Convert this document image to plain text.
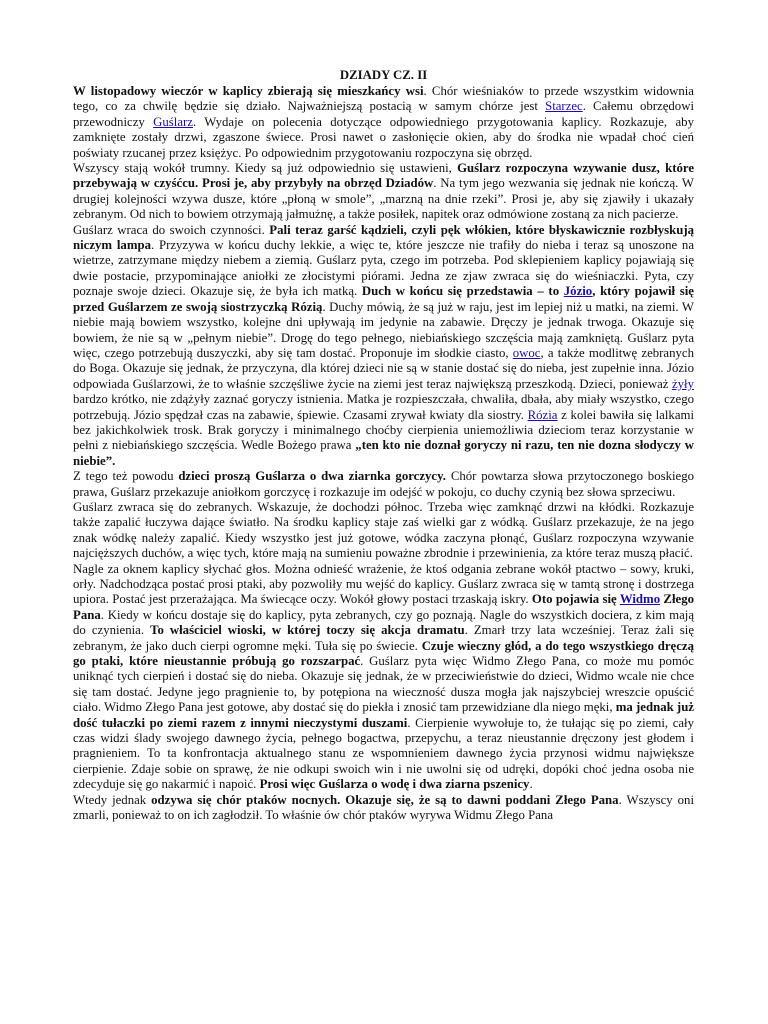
DZIADY CZ. II

W listopadowy wieczór w kaplicy zbierają się mieszkańcy wsi. Chór wieśniaków to przede wszystkim widownia tego, co za chwilę będzie się działo. Najważniejszą postacią w samym chórze jest Starzec. Całemu obrzędowi przewodniczy Guślarz. Wydaje on polecenia dotyczące odpowiedniego przygotowania kaplicy. Rozkazuje, aby zamknięte zostały drzwi, zgaszone świece. Prosi nawet o zasłonięcie okien, aby do środka nie wpadał choć cień poświaty rzucanej przez księżyc. Po odpowiednim przygotowaniu rozpoczyna się obrzęd.

Wszyscy stają wokół trumny. Kiedy są już odpowiednio się ustawieni, Guślarz rozpoczyna wzywanie dusz, które przebywają w czyśćcu. Prosi je, aby przybyły na obrzęd Dziadów. Na tym jego wezwania się jednak nie kończą. W drugiej kolejności wzywa dusze, które „płoną w smole”, „marzną na dnie rzeki”. Prosi je, aby się zjawiły i ukazały zebranym. Od nich to bowiem otrzymają jałmużnę, a także posiłek, napitek oraz odmówione zostaną za nich pacierze.

Guślarz wraca do swoich czynności. Pali teraz garść kądzieli, czyli pęk włókien, które błyskawicznie rozbłyskują niczym lampa. Przyzywa w końcu duchy lekkie, a więc te, które jeszcze nie trafiły do nieba i teraz są unoszone na wietrze, zatrzymane między niebem a ziemią. Guślarz pyta, czego im potrzeba. Pod sklepieniem kaplicy pojawiają się dwie postacie, przypominające aniołki ze złocistymi piórami. Jedna ze zjaw zwraca się do wieśniaczki. Pyta, czy poznaje swoje dzieci. Okazuje się, że była ich matką. Duch w końcu się przedstawia – to Józio, który pojawił się przed Guślarzem ze swoją siostrzyczką Rózią. Duchy mówią, że są już w raju, jest im lepiej niż u matki, na ziemi. W niebie mają bowiem wszystko, kolejne dni upływają im jedynie na zabawie. Dręczy je jednak trwoga. Okazuje się bowiem, że nie są w „pełnym niebie”. Drogę do tego pełnego, niebiańskiego szczęścia mają zamkniętą. Guślarz pyta więc, czego potrzebują duszyczki, aby się tam dostać. Proponuje im słodkie ciasto, owoc, a także modlitwę zebranych do Boga. Okazuje się jednak, że przyczyna, dla której dzieci nie są w stanie dostać się do nieba, jest zupełnie inna. Józio odpowiada Guślarzowi, że to właśnie szczęśliwe życie na ziemi jest teraz największą przeszkodą. Dzieci, ponieważ żyły bardzo krótko, nie zdążyły zaznać goryczy istnienia. Matka je rozpieszczała, chwaliła, dbała, aby miały wszystko, czego potrzebują. Józio spędzał czas na zabawie, śpiewie. Czasami zrywał kwiaty dla siostry. Rózia z kolei bawiła się lalkami bez jakichkolwiek trosk. Brak goryczy i minimalnego choćby cierpienia uniemożliwia dzieciom teraz korzystanie w pełni z niebiańskiego szczęścia. Wedle Bożego prawa „ten kto nie doznał goryczy ni razu, ten nie dozna słodyczy w niebie”.

Z tego też powodu dzieci proszą Guślarza o dwa ziarnka gorczycy. Chór powtarza słowa przytoczonego boskiego prawa, Guślarz przekazuje aniołkom gorczycę i rozkazuje im odejść w pokoju, co duchy czynią bez słowa sprzeciwu.

Guślarz zwraca się do zebranych. Wskazuje, że dochodzi północ. Trzeba więc zamknąć drzwi na kłódki. Rozkazuje także zapalić łuczywa dające światło. Na środku kaplicy staje zaś wielki gar z wódką. Guślarz przekazuje, że na jego znak wódkę należy zapalić. Kiedy wszystko jest już gotowe, wódka zaczyna płonąć, Guślarz rozpoczyna wzywanie najcięższych duchów, a więc tych, które mają na sumieniu poważne zbrodnie i przewinienia, za które teraz muszą płacić.

Nagle za oknem kaplicy słychać głos. Można odnieść wrażenie, że ktoś odgania zebrane wokół ptactwo – sowy, kruki, orły. Nadchodząca postać prosi ptaki, aby pozwoliły mu wejść do kaplicy. Guślarz zwraca się w tamtą stronę i dostrzega upiora. Postać jest przerażająca. Ma świecące oczy. Wokół głowy postaci trzaskają iskry. Oto pojawia się Widmo Złego Pana. Kiedy w końcu dostaje się do kaplicy, pyta zebranych, czy go poznają. Nagle do wszystkich dociera, z kim mają do czynienia. To właściciel wioski, w której toczy się akcja dramatu. Zmarł trzy lata wcześniej. Teraz żali się zebranym, że jako duch cierpi ogromne męki. Tuła się po świecie. Czuje wieczny głód, a do tego wszystkiego dręczą go ptaki, które nieustannie próbują go rozszarpać. Guślarz pyta więc Widmo Złego Pana, co może mu pomóc uniknąć tych cierpień i dostać się do nieba. Okazuje się jednak, że w przeciwieństwie do dzieci, Widmo wcale nie chce się tam dostać. Jedyne jego pragnienie to, by potępiona na wieczność dusza mogła jak najszybciej wreszcie opuścić ciało. Widmo Złego Pana jest gotowe, aby dostać się do piekła i znosić tam przewidziane dla niego męki, ma jednak już dość tułaczki po ziemi razem z innymi nieczystymi duszami. Cierpienie wywołuje to, że tułając się po ziemi, cały czas widzi ślady swojego dawnego życia, pełnego bogactwa, przepychu, a teraz nieustannie dręczony jest głodem i pragnieniem. To ta konfrontacja aktualnego stanu ze wspomnieniem dawnego życia przynosi widmu największe cierpienie. Zdaje sobie on sprawę, że nie odkupi swoich win i nie uwolni się od udręki, dopóki choć jedna osoba nie zdecyduje się go nakarmić i napoić. Prosi więc Guślarza o wodę i dwa ziarna pszenicy.

Wtedy jednak odzywa się chór ptaków nocnych. Okazuje się, że są to dawni poddani Złego Pana. Wszyscy oni zmarli, ponieważ to on ich zagłodził. To właśnie ów chór ptaków wyrywa Widmu Złego Pana
